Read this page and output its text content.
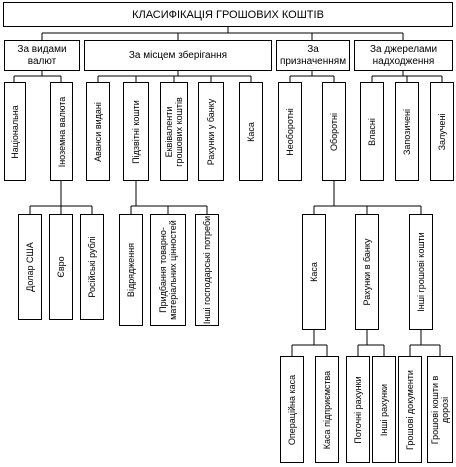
КЛАСИФІКАЦІЯ ГРОШОВИХ КОШТІВ
За видами валют
За місцем зберігання
За призначенням
За джерелами надходження
Національна	Іноземна валюта	Аванси видані	Підзвітні кошти	Еквіваленти грошових коштів Рахунки у банку	Каса	Необоротні	Оборотні	Власні	Запозичені	Залучені
Долар США Євро Російські рублі	Відрядження Придбання товарно-матеріальних цінностей	Інші господарські потреби	Каса	Рахунки в банку	Інші грошові кошти
Операційна каса	Каса підприємства Поточні рахунки Інші рахунки Грошові документи Грошові кошти в дорозі
